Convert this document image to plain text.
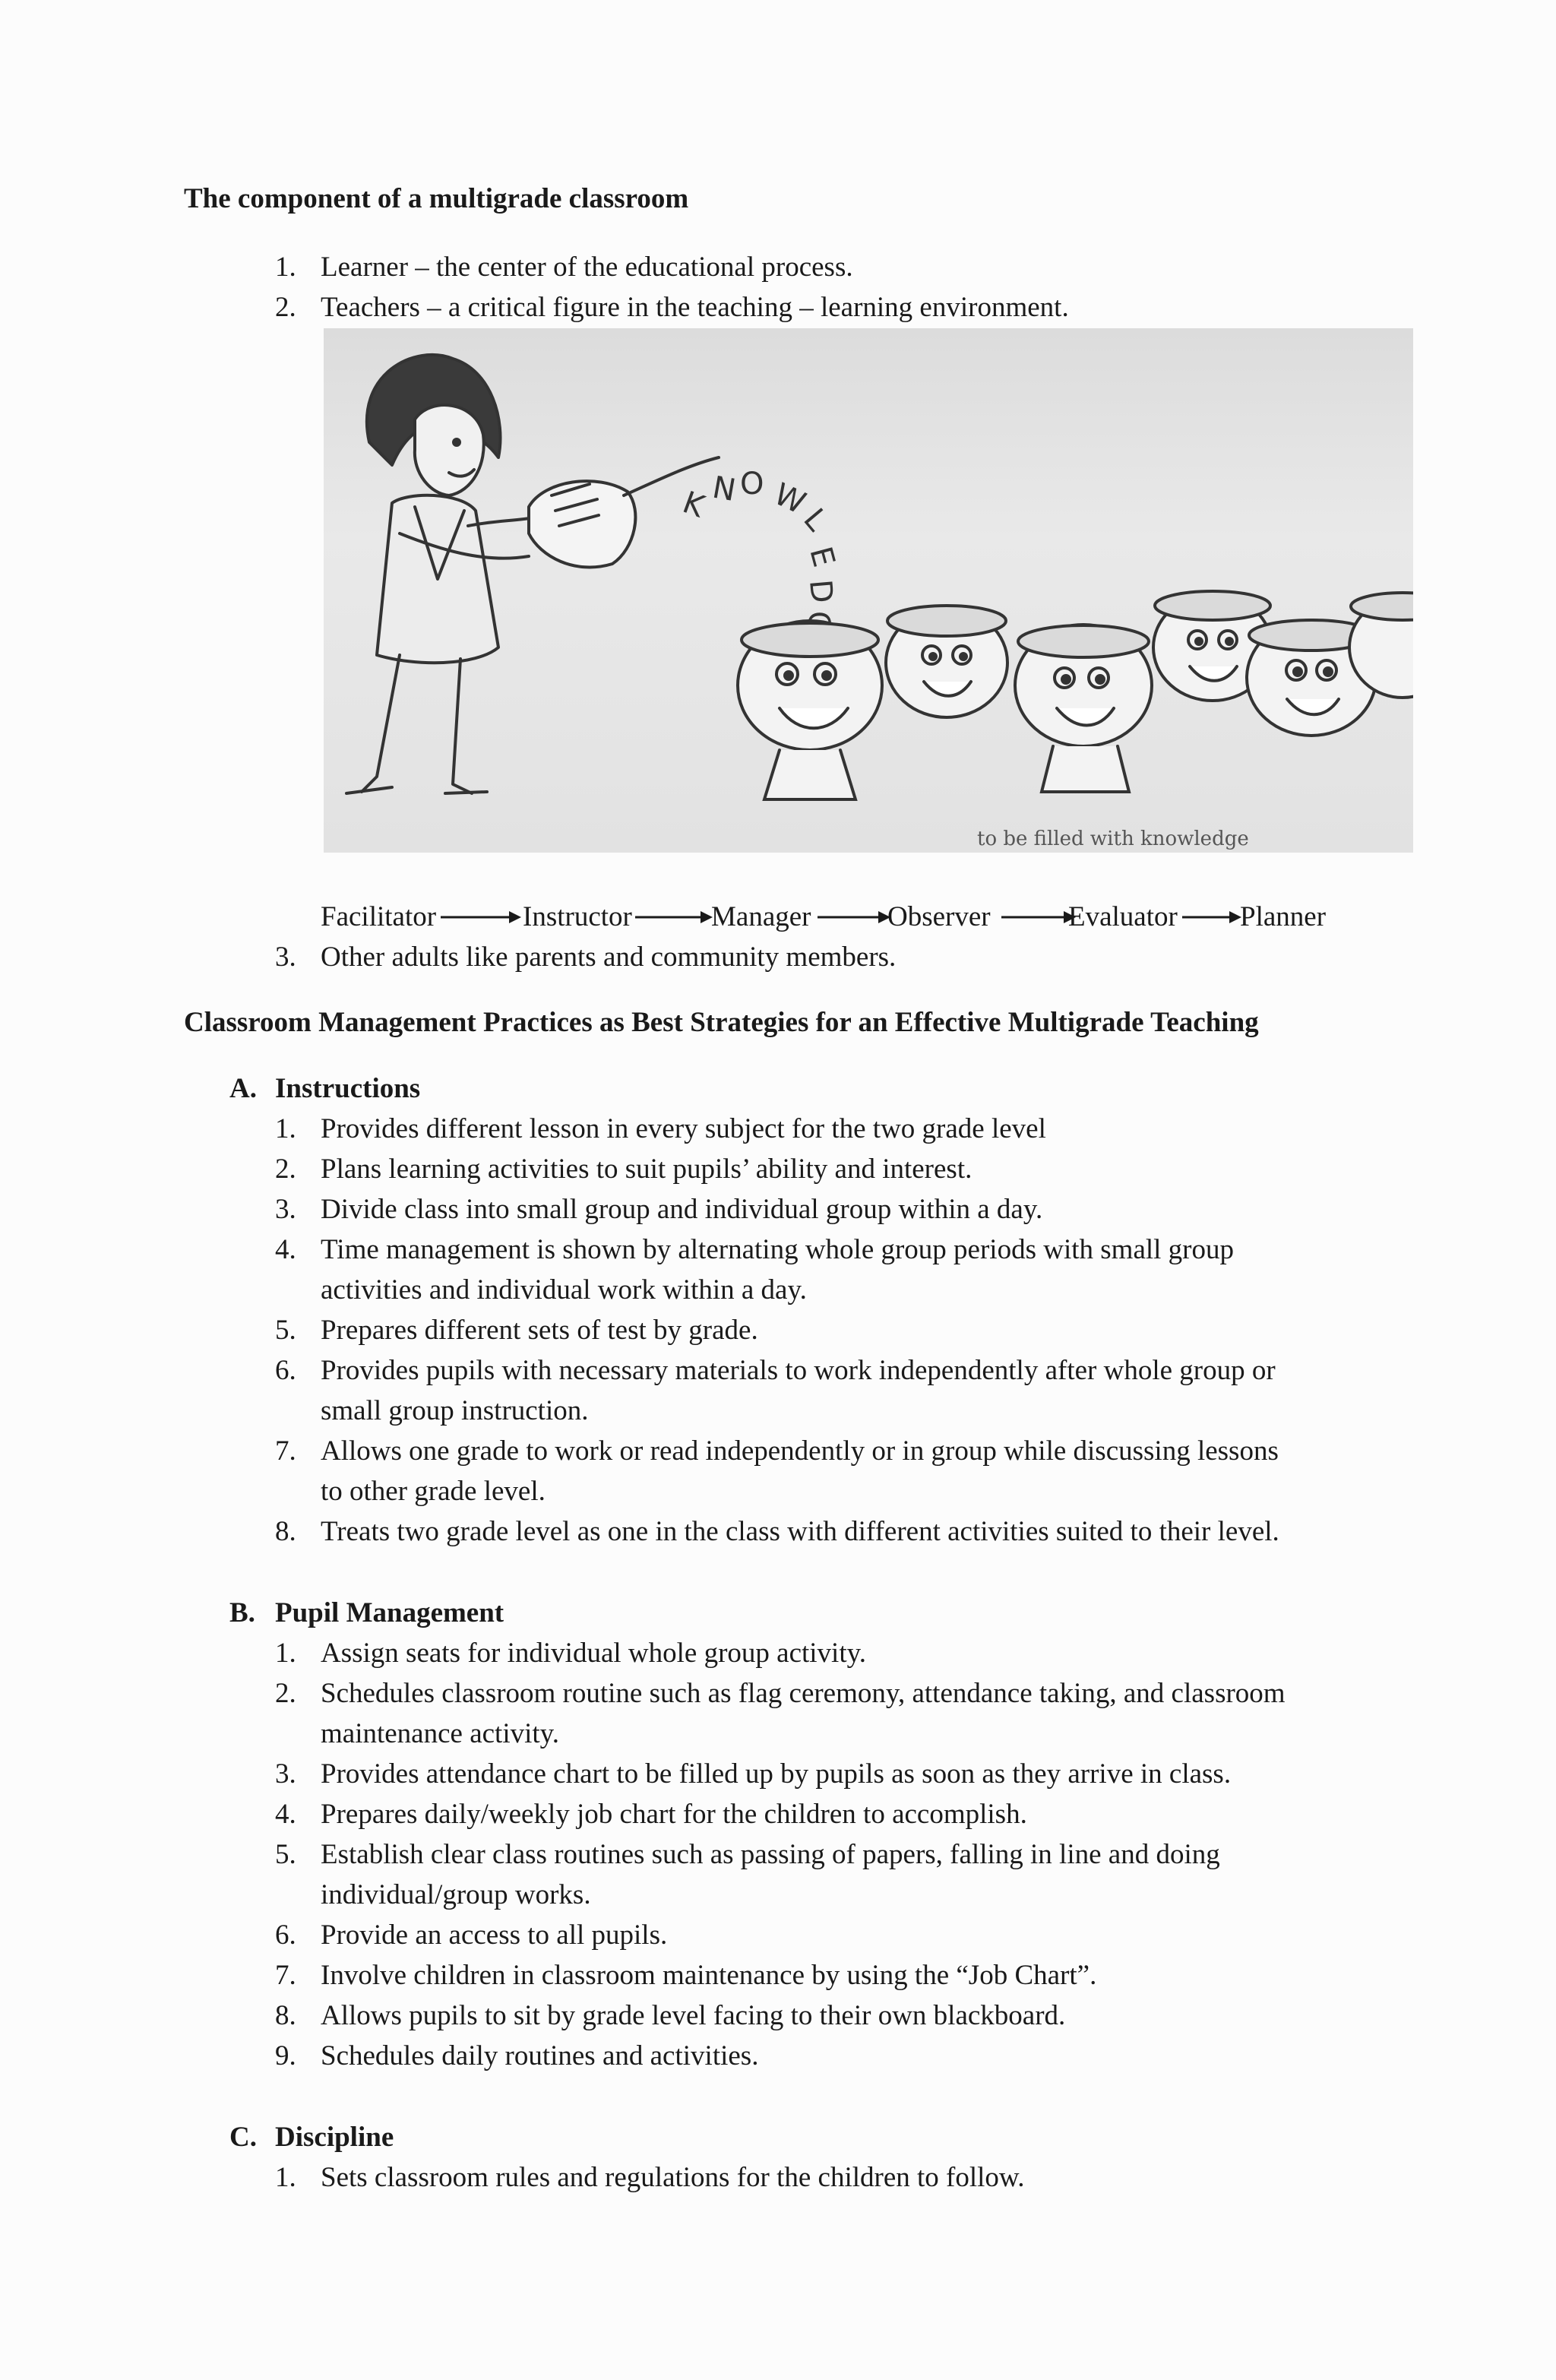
The component of a multigrade classroom
1. Learner – the center of the educational process.
2. Teachers – a critical figure in the teaching – learning environment.
K N O W
L
E
D
to be filled with knowledge
Facilitator	Instructor	Manager	Observer	Evaluator Planner
3. Other adults like parents and community members.
Classroom Management Practices as Best Strategies for an Effective Multigrade Teaching
A. Instructions
1. Provides different lesson in every subject for the two grade level
2. Plans learning activities to suit pupils’ ability and interest.
3. Divide class into small group and individual group within a day.
4. Time management is shown by alternating whole group periods with small group
activities and individual work within a day.
5. Prepares different sets of test by grade.
6. Provides pupils with necessary materials to work independently after whole group or
small group instruction.
7. Allows one grade to work or read independently or in group while discussing lessons
to other grade level.
8. Treats two grade level as one in the class with different activities suited to their level.
B. Pupil Management
1. Assign seats for individual whole group activity.
2. Schedules classroom routine such as flag ceremony, attendance taking, and classroom
maintenance activity.
3. Provides attendance chart to be filled up by pupils as soon as they arrive in class.
4. Prepares daily/weekly job chart for the children to accomplish.
5. Establish clear class routines such as passing of papers, falling in line and doing
individual/group works.
6. Provide an access to all pupils.
7. Involve children in classroom maintenance by using the “Job Chart”.
8. Allows pupils to sit by grade level facing to their own blackboard.
9. Schedules daily routines and activities.
C. Discipline
1. Sets classroom rules and regulations for the children to follow.
